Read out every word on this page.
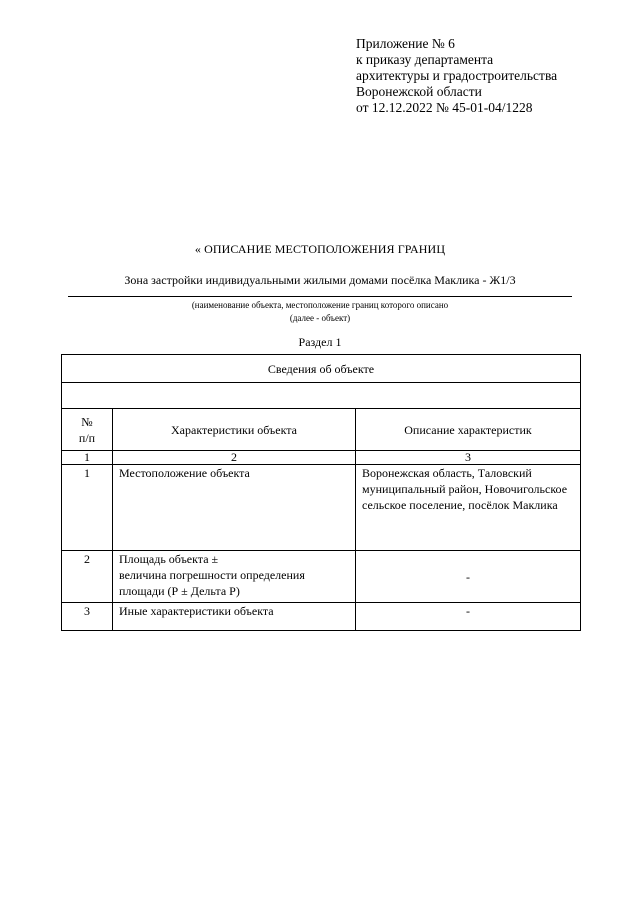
Приложение № 6
к приказу департамента
архитектуры и градостроительства
Воронежской области
от 12.12.2022 № 45-01-04/1228
« ОПИСАНИЕ МЕСТОПОЛОЖЕНИЯ ГРАНИЦ
Зона застройки индивидуальными жилыми домами посёлка Маклика - Ж1/3
(наименование объекта, местоположение границ которого описано
(далее - объект)
Раздел 1
Сведения об объекте		

№
п/п	Характеристики объекта	Описание характеристик
1	2	3
1	Местоположение объекта	Воронежская область, Таловский муниципальный район, Новочигольское сельское поселение, посёлок Маклика
2	Площадь объекта ±
величина погрешности определения
площади (Р ± Дельта Р)	-
3	Иные характеристики объекта	-
